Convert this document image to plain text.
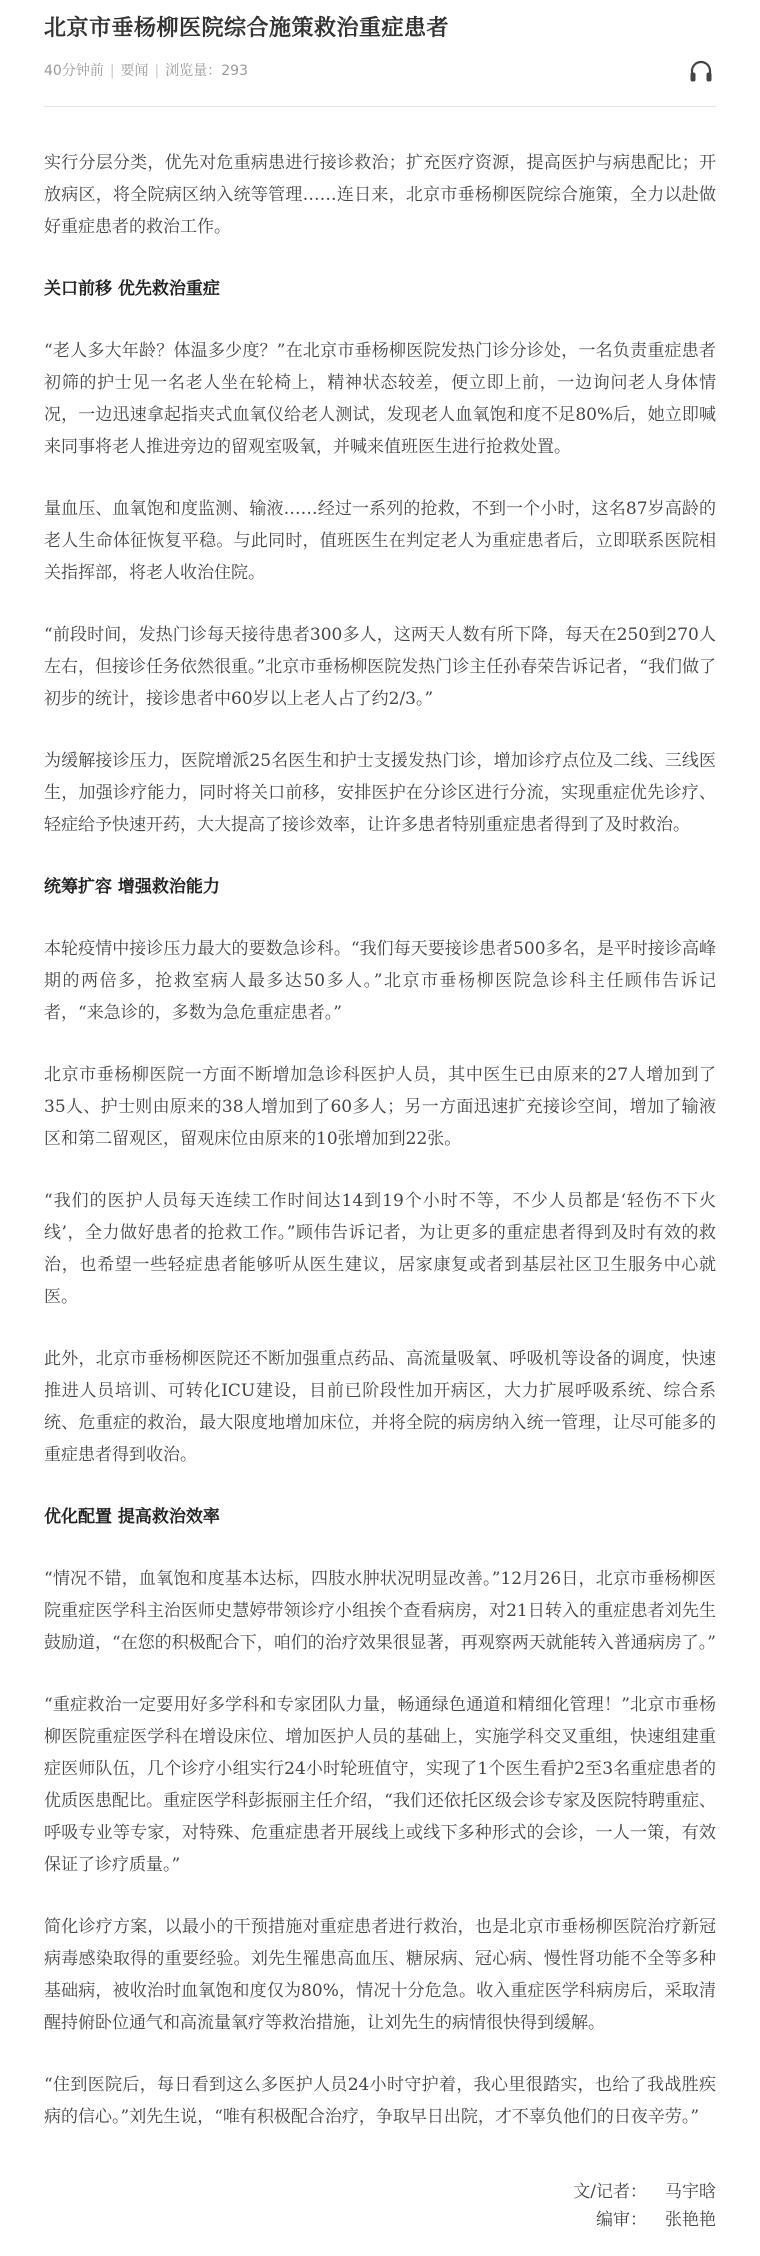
北京市垂杨柳医院综合施策救治重症患者
40分钟前 | 要闻 | 浏览量：293

实行分层分类，优先对危重病患进行接诊救治；扩充医疗资源，提高医护与病患配比；开放病区，将全院病区纳入统等管理……连日来，北京市垂杨柳医院综合施策，全力以赴做好重症患者的救治工作。

关口前移 优先救治重症

“老人多大年龄？体温多少度？”在北京市垂杨柳医院发热门诊分诊处，一名负责重症患者初筛的护士见一名老人坐在轮椅上，精神状态较差，便立即上前，一边询问老人身体情况，一边迅速拿起指夹式血氧仪给老人测试，发现老人血氧饱和度不足80%后，她立即喊来同事将老人推进旁边的留观室吸氧，并喊来值班医生进行抢救处置。

量血压、血氧饱和度监测、输液……经过一系列的抢救，不到一个小时，这名87岁高龄的老人生命体征恢复平稳。与此同时，值班医生在判定老人为重症患者后，立即联系医院相关指挥部，将老人收治住院。

“前段时间，发热门诊每天接待患者300多人，这两天人数有所下降，每天在250到270人左右，但接诊任务依然很重。”北京市垂杨柳医院发热门诊主任孙春荣告诉记者，“我们做了初步的统计，接诊患者中60岁以上老人占了约2/3。”

为缓解接诊压力，医院增派25名医生和护士支援发热门诊，增加诊疗点位及二线、三线医生，加强诊疗能力，同时将关口前移，安排医护在分诊区进行分流，实现重症优先诊疗、轻症给予快速开药，大大提高了接诊效率，让许多患者特别重症患者得到了及时救治。

统筹扩容 增强救治能力

本轮疫情中接诊压力最大的要数急诊科。“我们每天要接诊患者500多名，是平时接诊高峰期的两倍多，抢救室病人最多达50多人。”北京市垂杨柳医院急诊科主任顾伟告诉记者，“来急诊的，多数为急危重症患者。”

北京市垂杨柳医院一方面不断增加急诊科医护人员，其中医生已由原来的27人增加到了35人、护士则由原来的38人增加到了60多人；另一方面迅速扩充接诊空间，增加了输液区和第二留观区，留观床位由原来的10张增加到22张。

“我们的医护人员每天连续工作时间达14到19个小时不等，不少人员都是‘轻伤不下火线’，全力做好患者的抢救工作。”顾伟告诉记者，为让更多的重症患者得到及时有效的救治，也希望一些轻症患者能够听从医生建议，居家康复或者到基层社区卫生服务中心就医。

此外，北京市垂杨柳医院还不断加强重点药品、高流量吸氧、呼吸机等设备的调度，快速推进人员培训、可转化ICU建设，目前已阶段性加开病区，大力扩展呼吸系统、综合系统、危重症的救治，最大限度地增加床位，并将全院的病房纳入统一管理，让尽可能多的重症患者得到收治。

优化配置 提高救治效率

“情况不错，血氧饱和度基本达标，四肢水肿状况明显改善。”12月26日，北京市垂杨柳医院重症医学科主治医师史慧婷带领诊疗小组挨个查看病房，对21日转入的重症患者刘先生鼓励道，“在您的积极配合下，咱们的治疗效果很显著，再观察两天就能转入普通病房了。”

“重症救治一定要用好多学科和专家团队力量，畅通绿色通道和精细化管理！”北京市垂杨柳医院重症医学科在增设床位、增加医护人员的基础上，实施学科交叉重组，快速组建重症医师队伍，几个诊疗小组实行24小时轮班值守，实现了1个医生看护2至3名重症患者的优质医患配比。重症医学科彭振丽主任介绍，“我们还依托区级会诊专家及医院特聘重症、呼吸专业等专家，对特殊、危重症患者开展线上或线下多种形式的会诊，一人一策，有效保证了诊疗质量。”

简化诊疗方案，以最小的干预措施对重症患者进行救治，也是北京市垂杨柳医院治疗新冠病毒感染取得的重要经验。刘先生罹患高血压、糖尿病、冠心病、慢性肾功能不全等多种基础病，被收治时血氧饱和度仅为80%，情况十分危急。收入重症医学科病房后，采取清醒持俯卧位通气和高流量氧疗等救治措施，让刘先生的病情很快得到缓解。

“住到医院后，每日看到这么多医护人员24小时守护着，我心里很踏实，也给了我战胜疾病的信心。”刘先生说，“唯有积极配合治疗，争取早日出院，才不辜负他们的日夜辛劳。”

文/记者： 马宇晗
编审： 张艳艳
